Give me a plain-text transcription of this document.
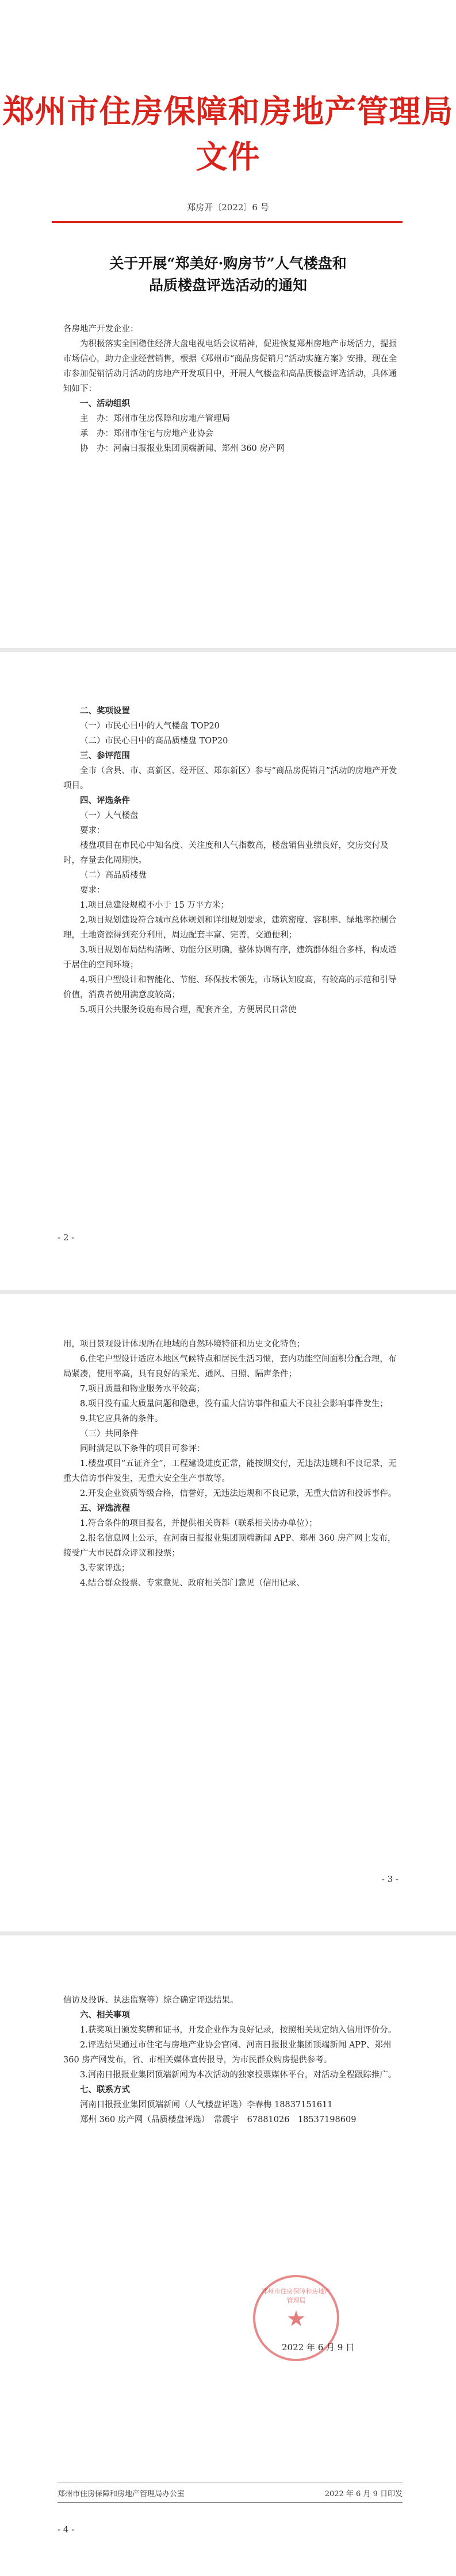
郑州市住房保障和房地产管理局文件
郑房开〔2022〕6 号
关于开展“郑美好·购房节”人气楼盘和
品质楼盘评选活动的通知

各房地产开发企业：

为积极落实全国稳住经济大盘电视电话会议精神，促进恢复郑州房地产市场活力，提振市场信心，助力企业经营销售，根据《郑州市“商品房促销月”活动实施方案》安排，现在全市参加促销活动月活动的房地产开发项目中，开展人气楼盘和高品质楼盘评选活动，具体通知如下：

一、活动组织

主　办：郑州市住房保障和房地产管理局

承　办：郑州市住宅与房地产业协会

协　办：河南日报报业集团顶端新闻、郑州 360 房产网

二、奖项设置

（一）市民心目中的人气楼盘 TOP20

（二）市民心目中的高品质楼盘 TOP20

三、参评范围

全市（含县、市、高新区、经开区、郑东新区）参与“商品房促销月”活动的房地产开发项目。

四、评选条件

（一）人气楼盘

要求：

楼盘项目在市民心中知名度、关注度和人气指数高，楼盘销售业绩良好，交房交付及时，存量去化周期快。

（二）高品质楼盘

要求：

1.项目总建设规模不小于 15 万平方米；

2.项目规划建设符合城市总体规划和详细规划要求，建筑密度、容积率、绿地率控制合理，土地资源得到充分利用，周边配套丰富、完善，交通便利；

3.项目规划布局结构清晰、功能分区明确，整体协调有序，建筑群体组合多样，构成适于居住的空间环境；

4.项目户型设计和智能化、节能、环保技术领先，市场认知度高，有较高的示范和引导价值，消费者使用满意度较高；

5.项目公共服务设施布局合理，配套齐全，方便居民日常使

- 2 -

用，项目景观设计体现所在地域的自然环境特征和历史文化特色；

6.住宅户型设计适应本地区气候特点和居民生活习惯，套内功能空间面积分配合理，布局紧凑，使用率高，具有良好的采光、通风、日照、隔声条件；

7.项目质量和物业服务水平较高；

8.项目没有重大质量问题和隐患，没有重大信访事件和重大不良社会影响事件发生；

9.其它应具备的条件。

（三）共同条件

同时满足以下条件的项目可参评：

1.楼盘项目“五证齐全”，工程建设进度正常，能按期交付，无违法违规和不良记录，无重大信访事件发生，无重大安全生产事故等。

2.开发企业资质等级合格，信誉好，无违法违规和不良记录，无重大信访和投诉事件。

五、评选流程

1.符合条件的项目报名，并提供相关资料（联系相关协办单位）；

2.报名信息网上公示，在河南日报报业集团顶端新闻 APP、郑州 360 房产网上发布，接受广大市民群众评议和投票；

3.专家评选；

4.结合群众投票、专家意见、政府相关部门意见（信用记录、

- 3 -

信访及投诉、执法监察等）综合确定评选结果。

六、相关事项

1.获奖项目颁发奖牌和证书，开发企业作为良好记录，按照相关规定纳入信用评价分。

2.评选结果通过市住宅与房地产业协会官网、河南日报报业集团顶端新闻 APP、郑州 360 房产网发布，省、市相关媒体宣传报导，为市民群众购房提供参考。

3.河南日报报业集团顶端新闻为本次活动的独家投票媒体平台，对活动全程跟踪推广。

七、联系方式

河南日报报业集团顶端新闻（人气楼盘评选）李春梅 18837151611

郑州 360 房产网（品质楼盘评选）　常震宇　67881026　18537198609

- 4 -
郑州市住房保障和房地产管理局
★
2022 年 6 月 9 日
郑州市住房保障和房地产管理局办公室	2022 年 6 月 9 日印发
